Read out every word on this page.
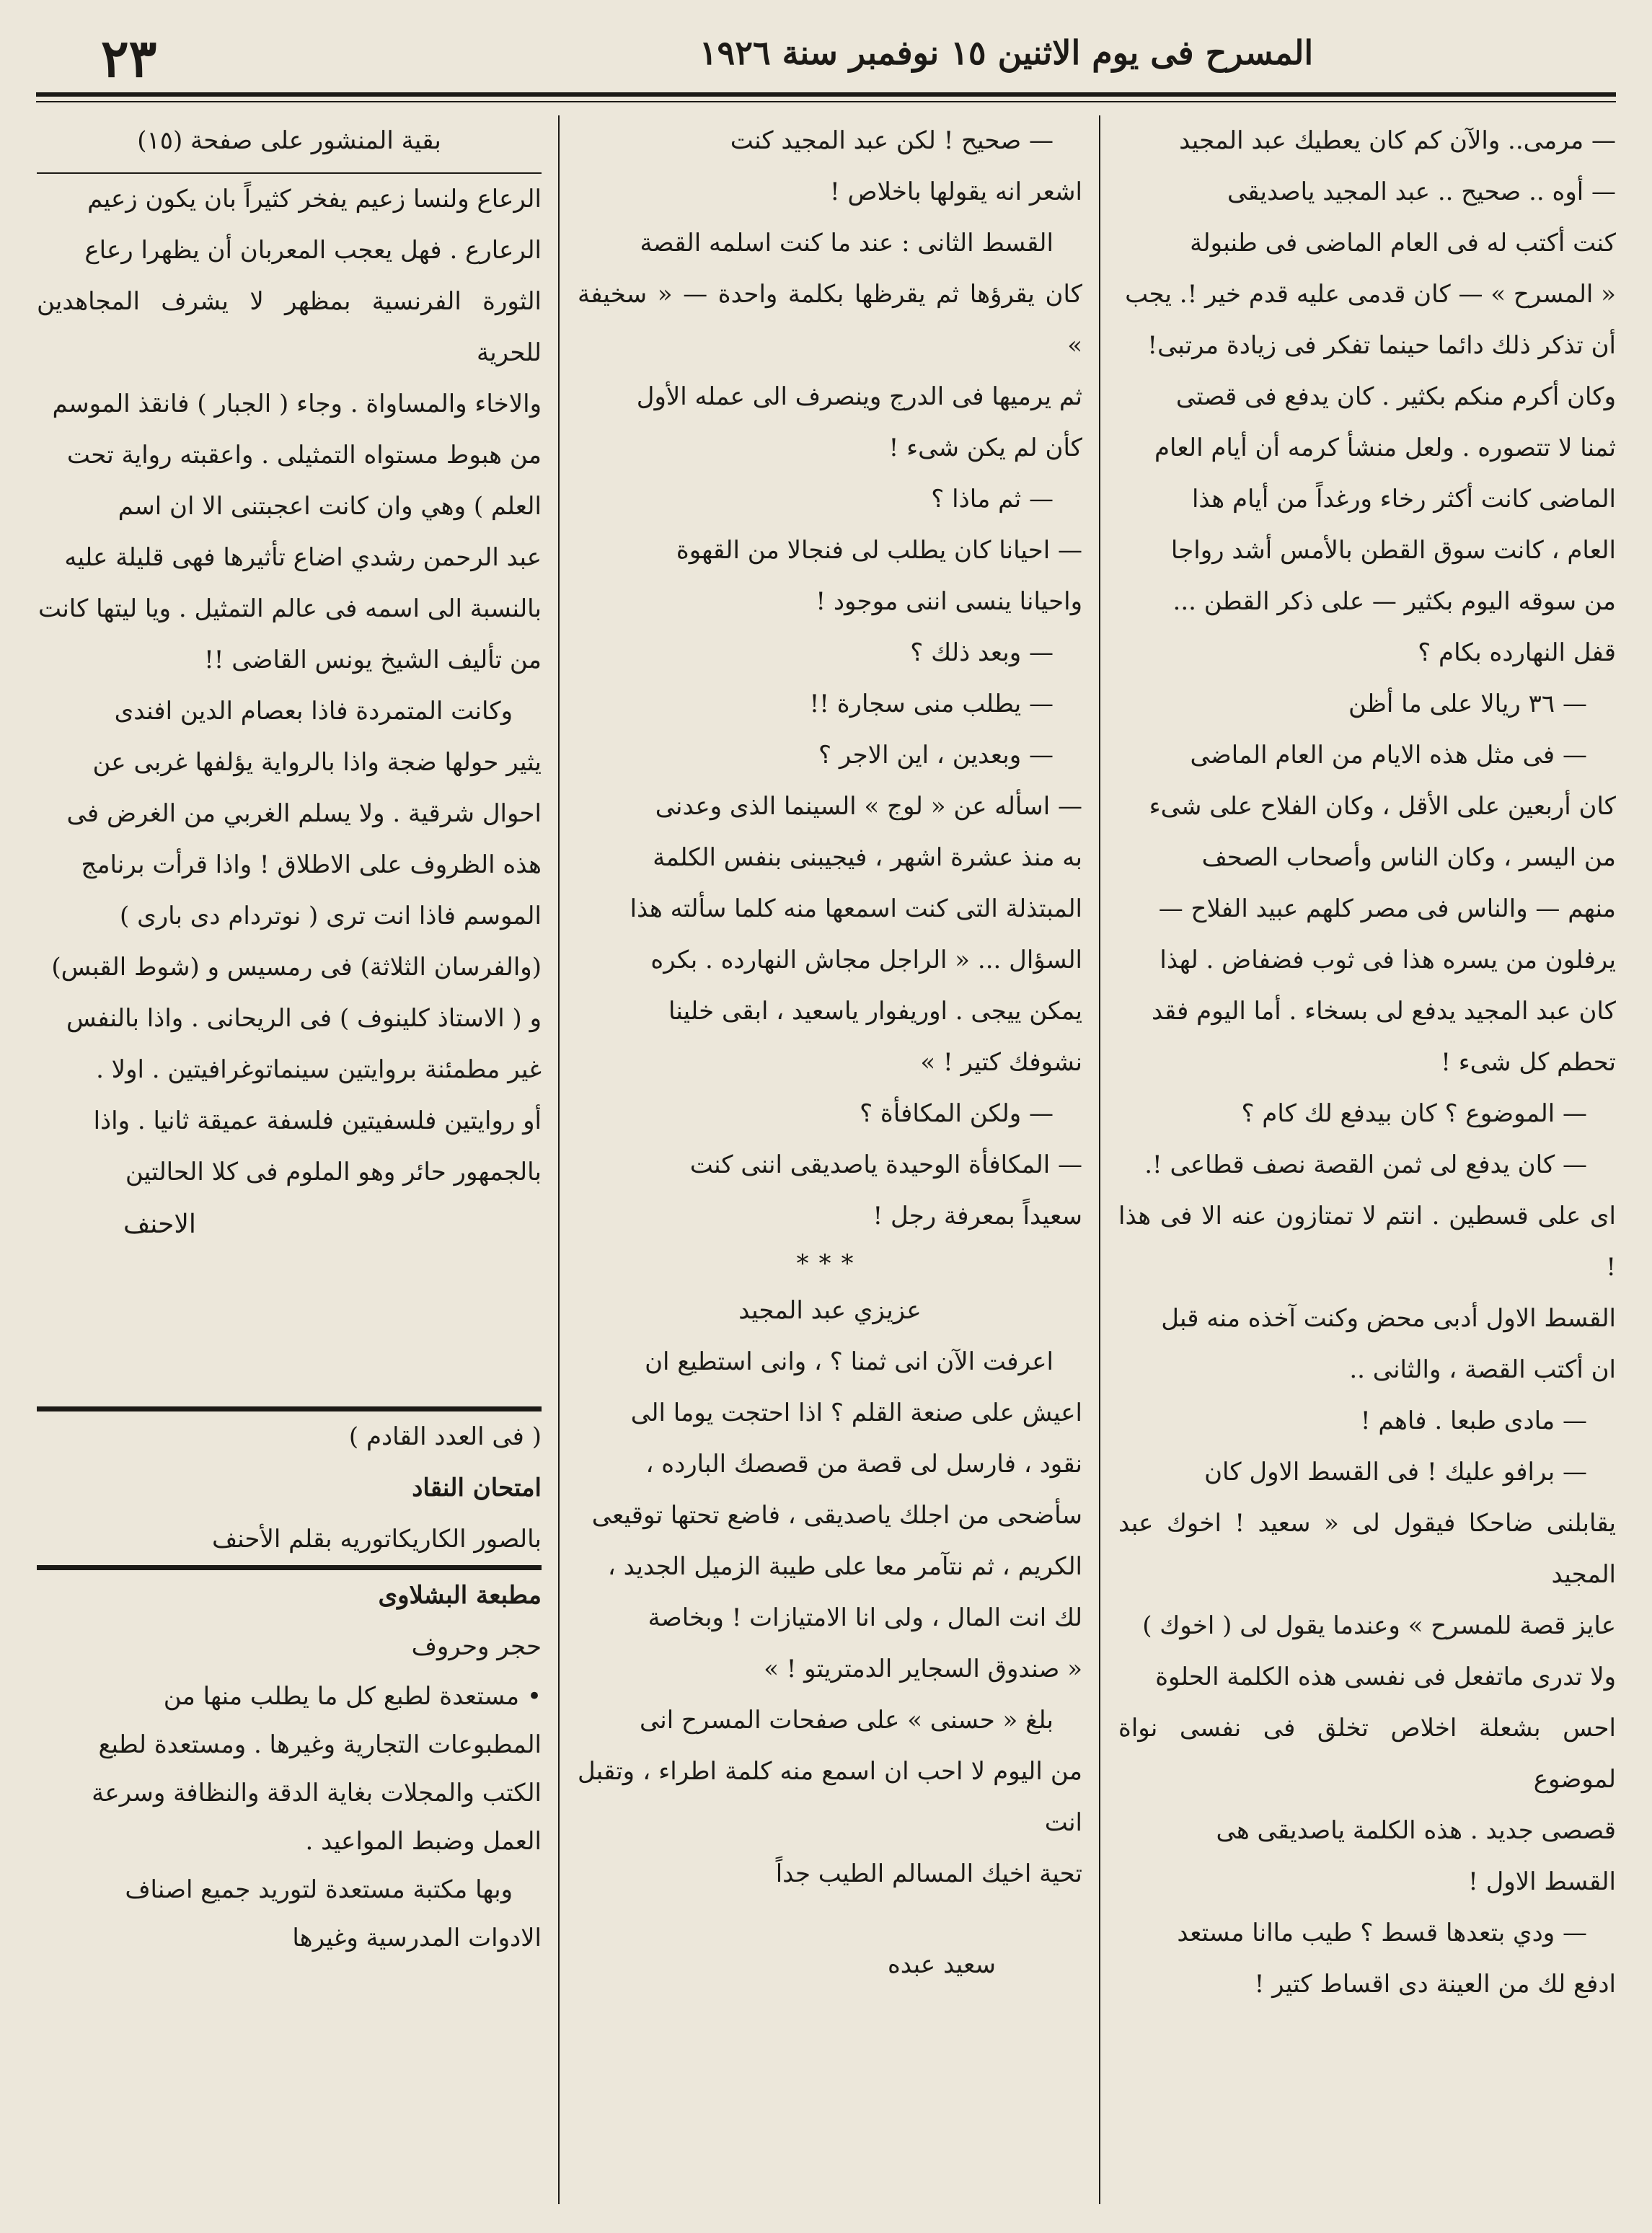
المسرح فى يوم الاثنين ١٥ نوفمبر سنة ١٩٢٦
٢٣

— مرمى.. والآن كم كان يعطيك عبد المجيد

— أوه .. صحيح .. عبد المجيد ياصديقى

كنت أكتب له فى العام الماضى فى طنبولة

« المسرح » — كان قدمى عليه قدم خير !. يجب

أن تذكر ذلك دائما حينما تفكر فى زيادة مرتبى!

وكان أكرم منكم بكثير . كان يدفع فى قصتى

ثمنا لا تتصوره . ولعل منشأ كرمه أن أيام العام

الماضى كانت أكثر رخاء ورغداً من أيام هذا

العام ، كانت سوق القطن بالأمس أشد رواجا

من سوقه اليوم بكثير — على ذكر القطن ...

قفل النهارده بكام ؟

— ٣٦ ريالا على ما أظن

— فى مثل هذه الايام من العام الماضى

كان أربعين على الأقل ، وكان الفلاح على شىء

من اليسر ، وكان الناس وأصحاب الصحف

منهم — والناس فى مصر كلهم عبيد الفلاح —

يرفلون من يسره هذا فى ثوب فضفاض . لهذا

كان عبد المجيد يدفع لى بسخاء . أما اليوم فقد

تحطم كل شىء !

— الموضوع ؟ كان بيدفع لك كام ؟

— كان يدفع لى ثمن القصة نصف قطاعى !.

اى على قسطين . انتم لا تمتازون عنه الا فى هذا !

القسط الاول أدبى محض وكنت آخذه منه قبل

ان أكتب القصة ، والثانى ..

— مادى طبعا . فاهم !

— برافو عليك ! فى القسط الاول كان

يقابلنى ضاحكا فيقول لى « سعيد ! اخوك عبد المجيد

عايز قصة للمسرح » وعندما يقول لى ( اخوك )

ولا تدرى ماتفعل فى نفسى هذه الكلمة الحلوة

احس بشعلة اخلاص تخلق فى نفسى نواة لموضوع

قصصى جديد . هذه الكلمة ياصديقى هى

القسط الاول !

— ودي بتعدها قسط ؟ طيب ماانا مستعد

ادفع لك من العينة دى اقساط كتير !

— صحيح ! لكن عبد المجيد كنت

اشعر انه يقولها باخلاص !

القسط الثانى : عند ما كنت اسلمه القصة

كان يقرؤها ثم يقرظها بكلمة واحدة — « سخيفة »

ثم يرميها فى الدرج وينصرف الى عمله الأول

كأن لم يكن شىء !

— ثم ماذا ؟

— احيانا كان يطلب لى فنجالا من القهوة

واحيانا ينسى اننى موجود !

— وبعد ذلك ؟

— يطلب منى سجارة !!

— وبعدين ، اين الاجر ؟

— اسأله عن « لوج » السينما الذى وعدنى

به منذ عشرة اشهر ، فيجيبنى بنفس الكلمة

المبتذلة التى كنت اسمعها منه كلما سألته هذا

السؤال ... « الراجل مجاش النهارده . بكره

يمكن ييجى . اوريفوار ياسعيد ، ابقى خلينا

نشوفك كتير ! »

— ولكن المكافأة ؟

— المكافأة الوحيدة ياصديقى اننى كنت

سعيداً بمعرفة رجل !

***

عزيزي عبد المجيد

اعرفت الآن انى ثمنا ؟ ، وانى استطيع ان

اعيش على صنعة القلم ؟ اذا احتجت يوما الى

نقود ، فارسل لى قصة من قصصك البارده ،

سأضحى من اجلك ياصديقى ، فاضع تحتها توقيعى

الكريم ، ثم نتآمر معا على طيبة الزميل الجديد ،

لك انت المال ، ولى انا الامتيازات ! وبخاصة

« صندوق السجاير الدمتريتو ! »

بلغ « حسنى » على صفحات المسرح انى

من اليوم لا احب ان اسمع منه كلمة اطراء ، وتقبل انت

تحية اخيك المسالم الطيب جداً

سعيد عبده

بقية المنشور على صفحة (١٥)

الرعاع ولنسا زعيم يفخر كثيراً بان يكون زعيم

الرعارع . فهل يعجب المعربان أن يظهرا رعاع

الثورة الفرنسية بمظهر لا يشرف المجاهدين للحرية

والاخاء والمساواة . وجاء ( الجبار ) فانقذ الموسم

من هبوط مستواه التمثيلى . واعقبته رواية تحت

العلم ) وهي وان كانت اعجبتنى الا ان اسم

عبد الرحمن رشدي اضاع تأثيرها فهى قليلة عليه

بالنسبة الى اسمه فى عالم التمثيل . ويا ليتها كانت

من تأليف الشيخ يونس القاضى !!

وكانت المتمردة فاذا بعصام الدين افندى

يثير حولها ضجة واذا بالرواية يؤلفها غربى عن

احوال شرقية . ولا يسلم الغربي من الغرض فى

هذه الظروف على الاطلاق ! واذا قرأت برنامج

الموسم فاذا انت ترى ( نوتردام دى بارى )

(والفرسان الثلاثة) فى رمسيس و (شوط القبس)

و ( الاستاذ كلينوف ) فى الريحانى . واذا بالنفس

غير مطمئنة بروايتين سينماتوغرافيتين . اولا .

أو روايتين فلسفيتين فلسفة عميقة ثانيا . واذا

بالجمهور حائر وهو الملوم فى كلا الحالتين

الاحنف

( فى العدد القادم )

امتحان النقاد

بالصور الكاريكاتوريه بقلم الأحنف

مطبعة البشلاوى

حجر وحروف

• مستعدة لطبع كل ما يطلب منها من

المطبوعات التجارية وغيرها . ومستعدة لطبع

الكتب والمجلات بغاية الدقة والنظافة وسرعة

العمل وضبط المواعيد .

وبها مكتبة مستعدة لتوريد جميع اصناف

الادوات المدرسية وغيرها
